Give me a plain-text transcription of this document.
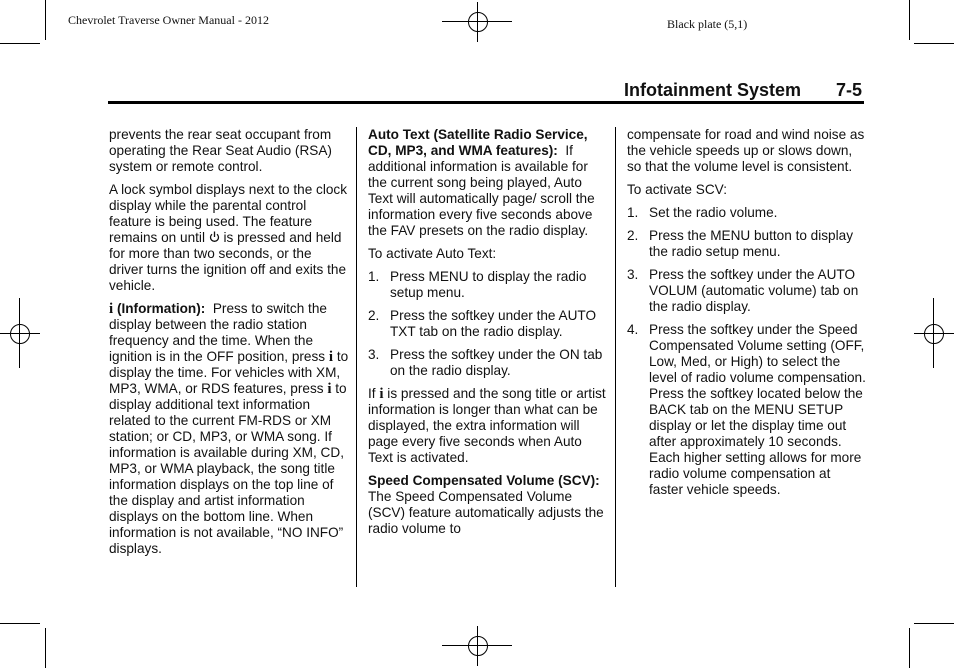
Chevrolet Traverse Owner Manual - 2012	Black plate (5,1)
Infotainment System 7-5

prevents the rear seat occupant from operating the Rear Seat Audio (RSA) system or remote control.

A lock symbol displays next to the clock display while the parental control feature is being used. The feature remains on until  is pressed and held for more than two seconds, or the driver turns the ignition off and exits the vehicle.

i (Information): Press to switch the display between the radio station frequency and the time. When the ignition is in the OFF position, press i to display the time. For vehicles with XM, MP3, WMA, or RDS features, press i to display additional text information related to the current FM-RDS or XM station; or CD, MP3, or WMA song. If information is available during XM, CD, MP3, or WMA playback, the song title information displays on the top line of the display and artist information displays on the bottom line. When information is not available, “NO INFO” displays.

Auto Text (Satellite Radio Service, CD, MP3, and WMA features): If additional information is available for the current song being played, Auto Text will automatically page/ scroll the information every five seconds above the FAV presets on the radio display.

To activate Auto Text:

1. Press MENU to display the radio setup menu.
2. Press the softkey under the AUTO TXT tab on the radio display.
3. Press the softkey under the ON tab on the radio display.

If i is pressed and the song title or artist information is longer than what can be displayed, the extra information will page every five seconds when Auto Text is activated.

Speed Compensated Volume (SCV):  The Speed Compensated Volume (SCV) feature automatically adjusts the radio volume to

compensate for road and wind noise as the vehicle speeds up or slows down, so that the volume level is consistent.

To activate SCV:

1. Set the radio volume.
2. Press the MENU button to display the radio setup menu.
3. Press the softkey under the AUTO VOLUM (automatic volume) tab on the radio display.
4. Press the softkey under the Speed Compensated Volume setting (OFF, Low, Med, or High) to select the level of radio volume compensation. Press the softkey located below the BACK tab on the MENU SETUP display or let the display time out after approximately 10 seconds. Each higher setting allows for more radio volume compensation at faster vehicle speeds.
